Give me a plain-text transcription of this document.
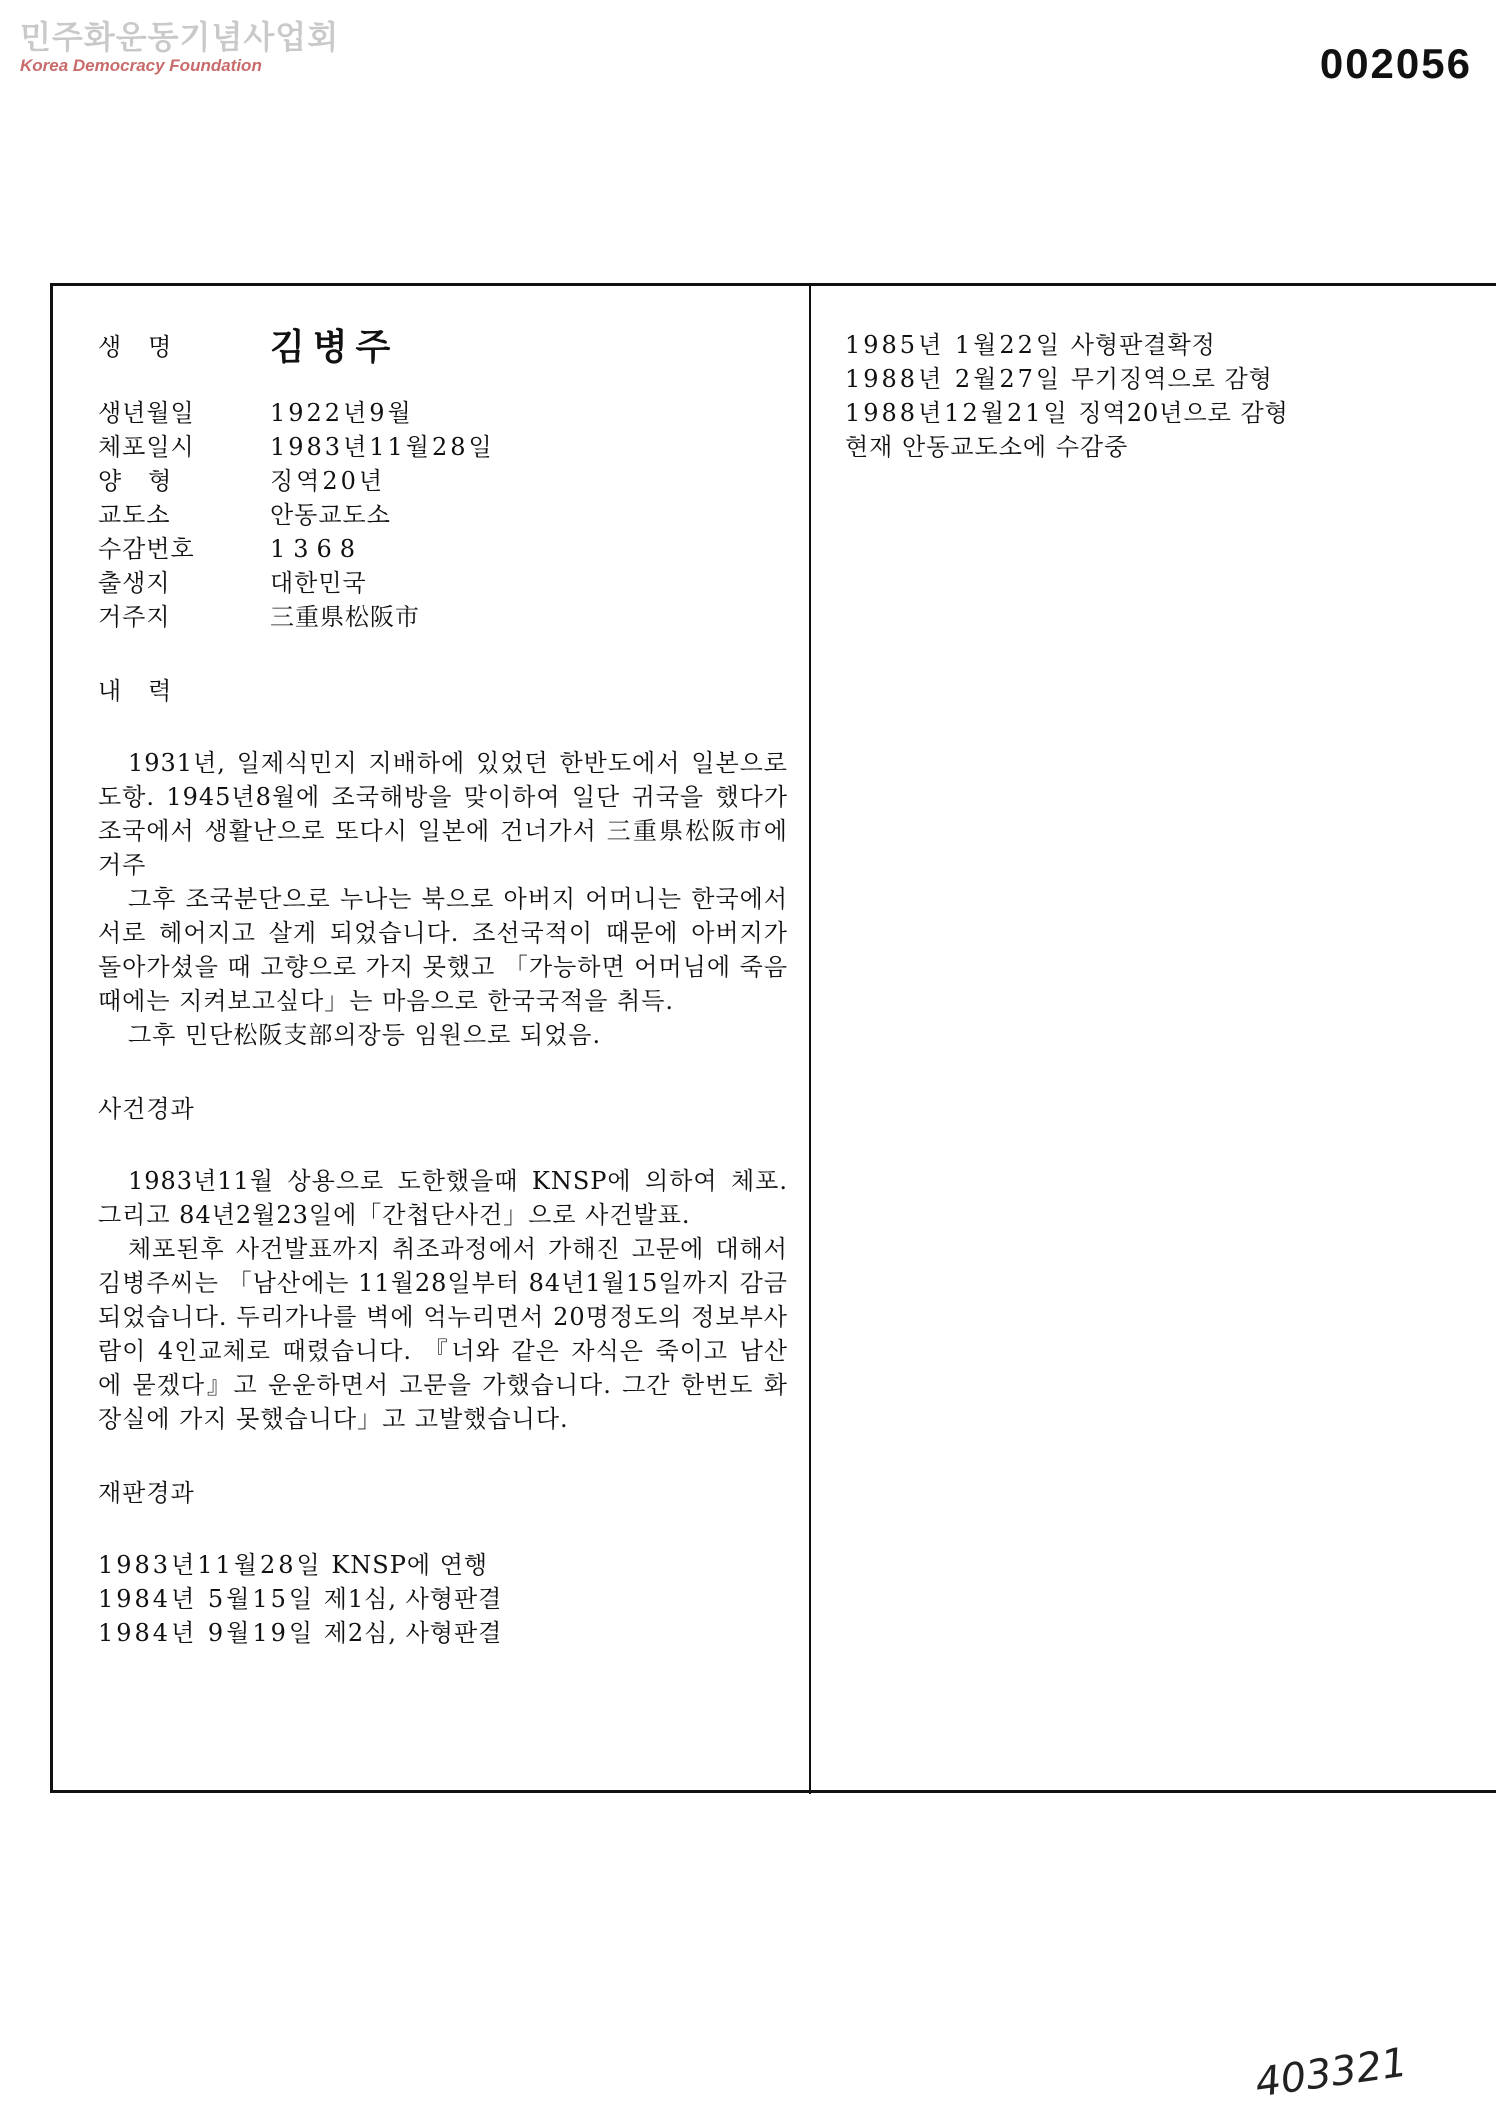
민주화운동기념사업회
Korea Democracy Foundation	002056
생   명	김병주
생년월일	1922년9월
체포일시	1983년11월28일
양   형	징역20년
교도소	안동교도소
수감번호	1368
출생지	대한민국
거주지	三重県松阪市
내   력

1931년, 일제식민지 지배하에 있었던 한반도에서 일본으로 도항. 1945년8월에 조국해방을 맞이하여 일단 귀국을 했다가 조국에서 생활난으로 또다시 일본에 건너가서 三重県松阪市에 거주

그후 조국분단으로 누나는 북으로 아버지 어머니는 한국에서 서로 헤어지고 살게 되었습니다. 조선국적이 때문에 아버지가 돌아가셨을 때 고향으로 가지 못했고 「가능하면 어머님에 죽음때에는 지켜보고싶다」는 마음으로 한국국적을 취득.

그후 민단松阪支部의장등 임원으로 되었음.

사건경과

1983년11월 상용으로 도한했을때 KNSP에 의하여 체포. 그리고 84년2월23일에「간첩단사건」으로 사건발표.

체포된후 사건발표까지 취조과정에서 가해진 고문에 대해서 김병주씨는 「남산에는 11월28일부터 84년1월15일까지 감금되었습니다. 두리가나를 벽에 억누리면서 20명정도의 정보부사람이 4인교체로 때렸습니다. 『너와 같은 자식은 죽이고 남산에 묻겠다』고 운운하면서 고문을 가했습니다. 그간 한번도 화장실에 가지 못했습니다」고 고발했습니다.

재판경과
1983년11월28일 KNSP에 연행
1984년 5월15일 제1심, 사형판결
1984년 9월19일 제2심, 사형판결
1985년 1월22일 사형판결확정
1988년 2월27일 무기징역으로 감형
1988년12월21일 징역20년으로 감형
현재 안동교도소에 수감중
403321
